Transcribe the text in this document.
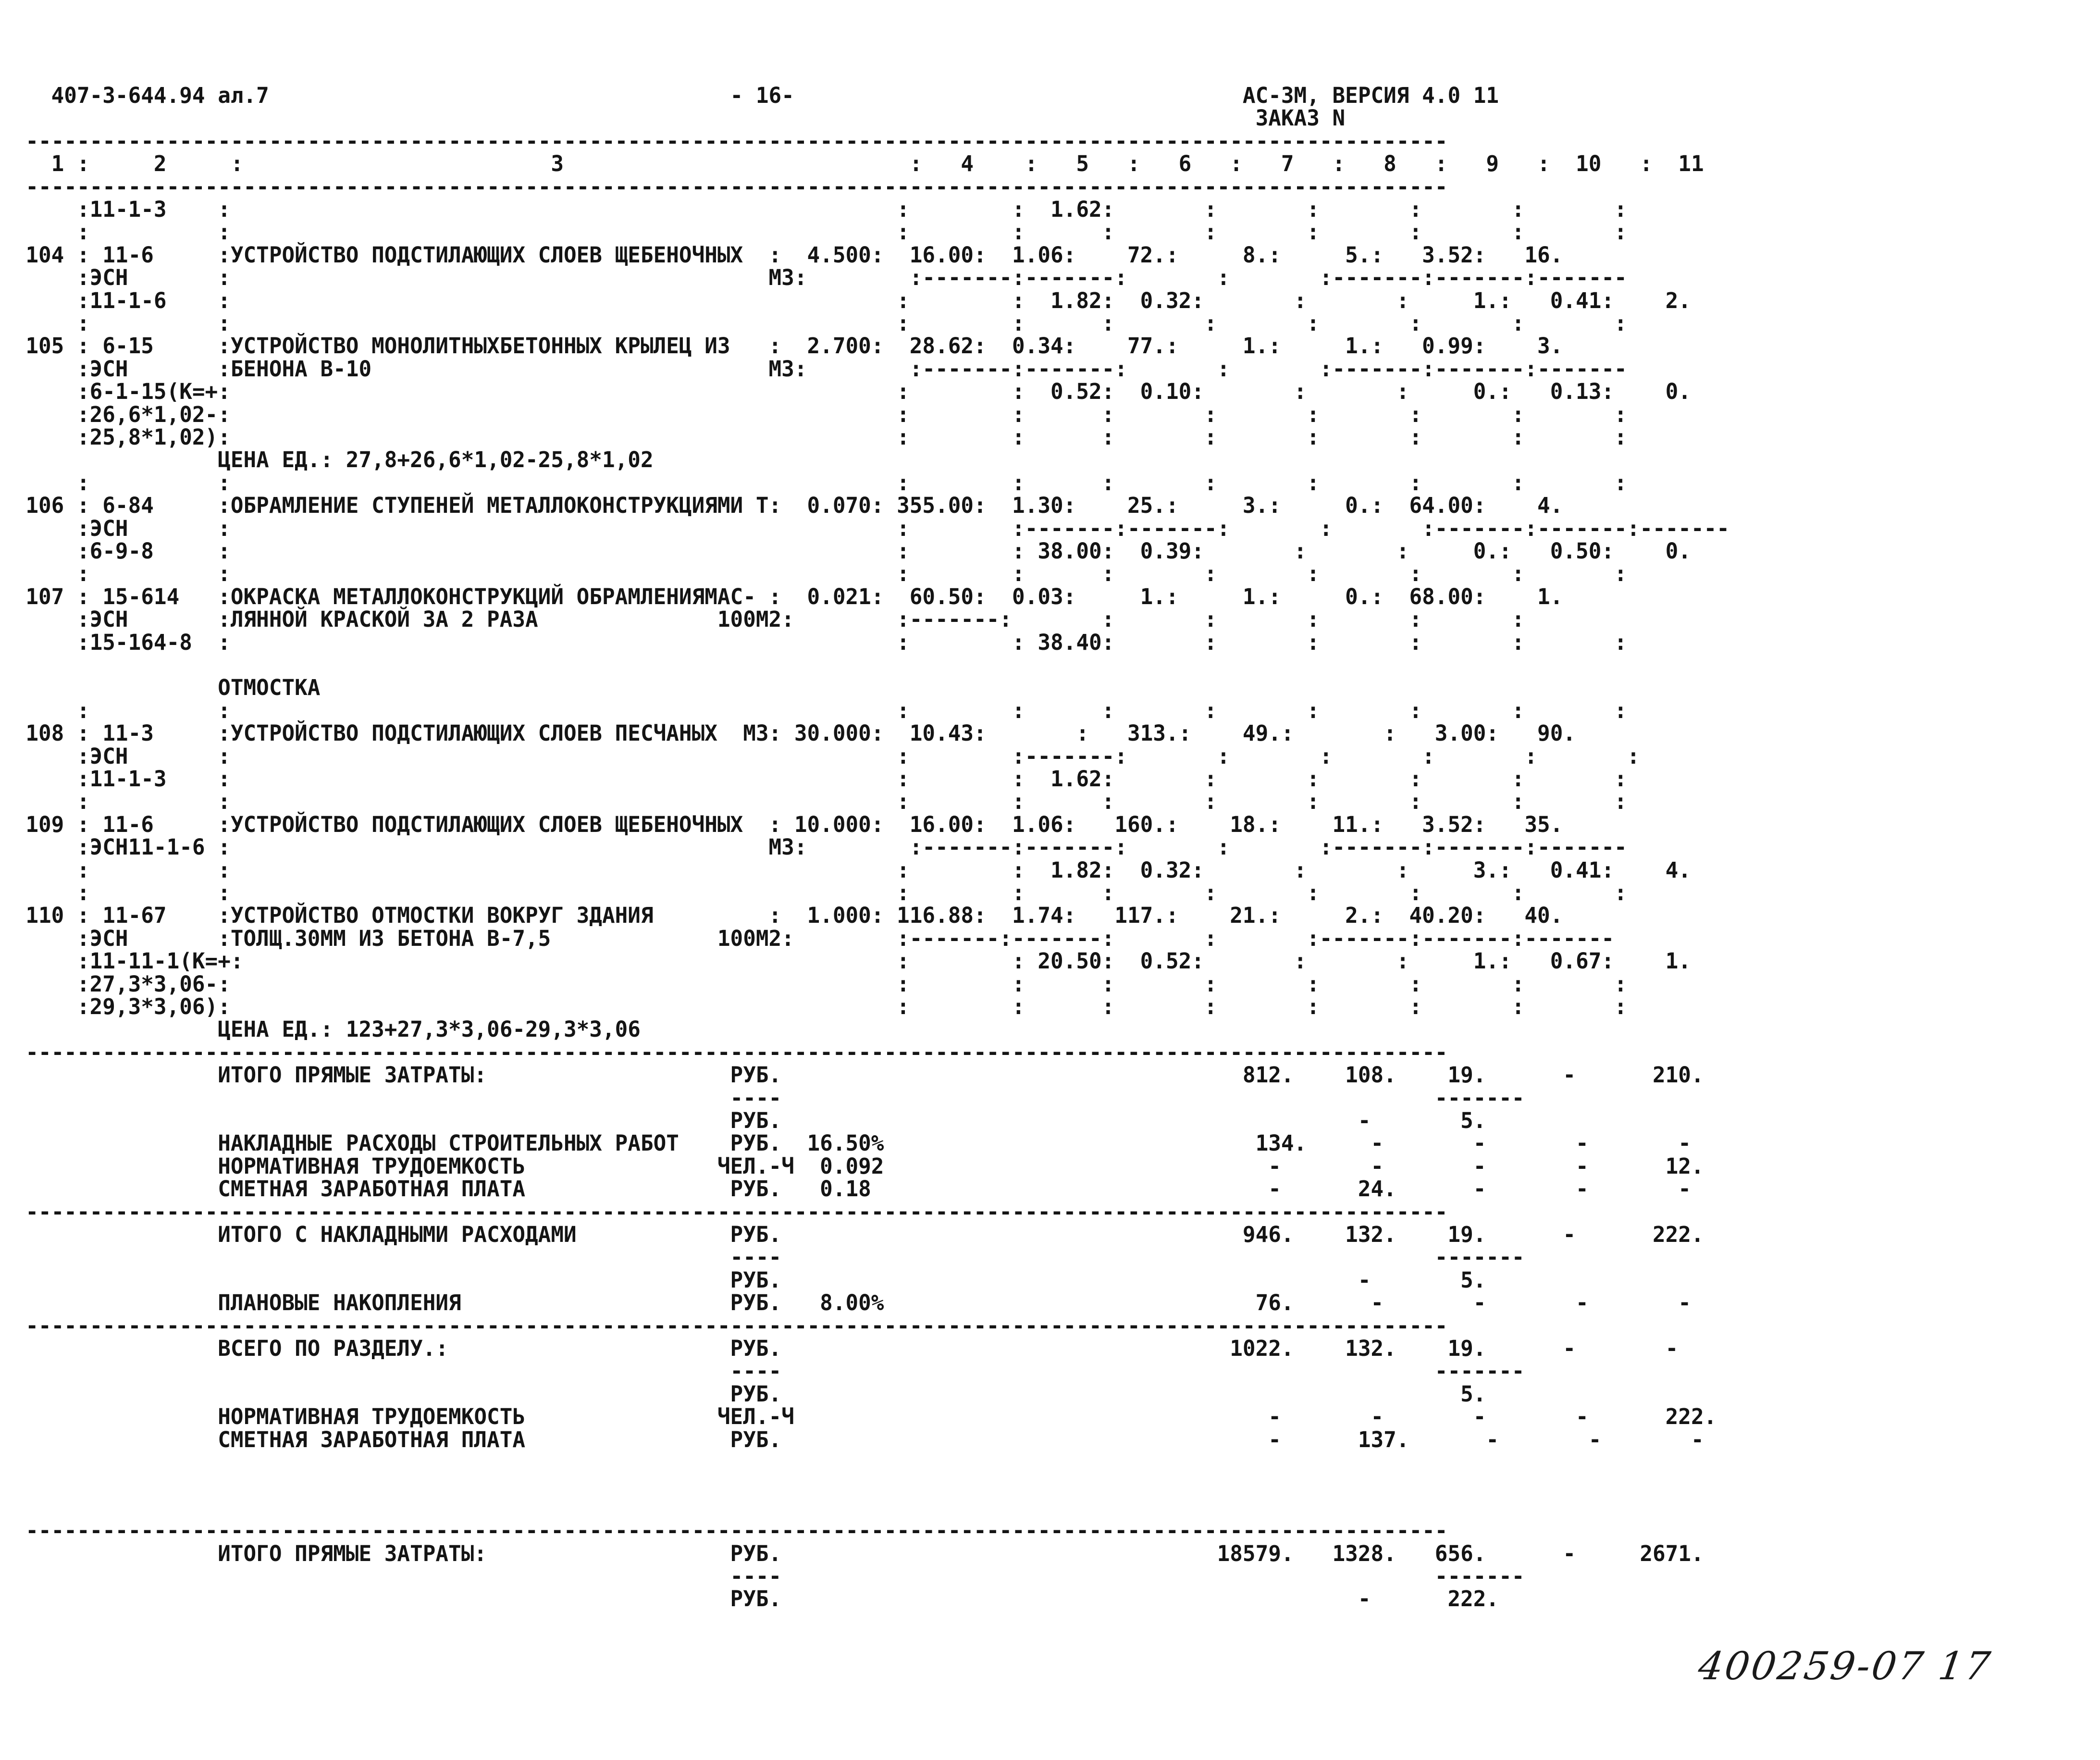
407-3-644.94 ал.7                                    - 16-                                   АС-3М, ВЕРСИЯ 4.0 11
ЗАКАЗ N
---------------------------------------------------------------------------------------------------------------
1 :     2     :                        3                           :   4    :   5   :   6   :   7   :   8   :   9   :  10   :  11
---------------------------------------------------------------------------------------------------------------
:11-1-3    :                                                    :        :  1.62:       :       :       :       :       :
:          :                                                    :        :      :       :       :       :       :       :
104 : 11-6     :УСТРОЙСТВО ПОДСТИЛАЮЩИХ СЛОЕВ ЩЕБЕНОЧНЫХ  :  4.500:  16.00:  1.06:    72.:     8.:     5.:   3.52:   16.
:ЭСН       :                                          М3:        :-------:-------:       :       :-------:-------:-------
:11-1-6    :                                                    :        :  1.82:  0.32:       :       :     1.:   0.41:    2.
:          :                                                    :        :      :       :       :       :       :       :
105 : 6-15     :УСТРОЙСТВО МОНОЛИТНЫХБЕТОННЫХ КРЫЛЕЦ ИЗ   :  2.700:  28.62:  0.34:    77.:     1.:     1.:   0.99:    3.
:ЭСН       :БЕНОНА В-10                               М3:        :-------:-------:       :       :-------:-------:-------
:6-1-15(К=+:                                                    :        :  0.52:  0.10:       :       :     0.:   0.13:    0.
:26,6*1,02-:                                                    :        :      :       :       :       :       :       :
:25,8*1,02):                                                    :        :      :       :       :       :       :       :
ЦЕНА ЕД.: 27,8+26,6*1,02-25,8*1,02
:          :                                                    :        :      :       :       :       :       :       :
106 : 6-84     :ОБРАМЛЕНИЕ СТУПЕНЕЙ МЕТАЛЛОКОНСТРУКЦИЯМИ Т:  0.070: 355.00:  1.30:    25.:     3.:     0.:  64.00:    4.
:ЭСН       :                                                    :        :-------:-------:       :       :-------:-------:-------
:6-9-8     :                                                    :        : 38.00:  0.39:       :       :     0.:   0.50:    0.
:          :                                                    :        :      :       :       :       :       :       :
107 : 15-614   :ОКРАСКА МЕТАЛЛОКОНСТРУКЦИЙ ОБРАМЛЕНИЯМАС- :  0.021:  60.50:  0.03:     1.:     1.:     0.:  68.00:    1.
:ЭСН       :ЛЯННОЙ КРАСКОЙ ЗА 2 РАЗА              100М2:        :-------:       :       :       :       :       :
:15-164-8  :                                                    :        : 38.40:       :       :       :       :       :
ОТМОСТКА
:          :                                                    :        :      :       :       :       :       :       :
108 : 11-3     :УСТРОЙСТВО ПОДСТИЛАЮЩИХ СЛОЕВ ПЕСЧАНЫХ  М3: 30.000:  10.43:       :   313.:    49.:       :   3.00:   90.
:ЭСН       :                                                    :        :-------:       :       :       :       :       :
:11-1-3    :                                                    :        :  1.62:       :       :       :       :       :
:          :                                                    :        :      :       :       :       :       :       :
109 : 11-6     :УСТРОЙСТВО ПОДСТИЛАЮЩИХ СЛОЕВ ЩЕБЕНОЧНЫХ  : 10.000:  16.00:  1.06:   160.:    18.:    11.:   3.52:   35.
:ЭСН11-1-6 :                                          М3:        :-------:-------:       :       :-------:-------:-------
:          :                                                    :        :  1.82:  0.32:       :       :     3.:   0.41:    4.
:          :                                                    :        :      :       :       :       :       :       :
110 : 11-67    :УСТРОЙСТВО ОТМОСТКИ ВОКРУГ ЗДАНИЯ         :  1.000: 116.88:  1.74:   117.:    21.:     2.:  40.20:   40.
:ЭСН       :ТОЛЩ.30ММ ИЗ БЕТОНА В-7,5             100М2:        :-------:-------:       :       :-------:-------:-------
:11-11-1(К=+:                                                   :        : 20.50:  0.52:       :       :     1.:   0.67:    1.
:27,3*3,06-:                                                    :        :      :       :       :       :       :       :
:29,3*3,06):                                                    :        :      :       :       :       :       :       :
ЦЕНА ЕД.: 123+27,3*3,06-29,3*3,06
---------------------------------------------------------------------------------------------------------------
ИТОГО ПРЯМЫЕ ЗАТРАТЫ:                   РУБ.                                    812.    108.    19.      -      210.
----                                                   -------
РУБ.                                             -       5.
НАКЛАДНЫЕ РАСХОДЫ СТРОИТЕЛЬНЫХ РАБОТ    РУБ.  16.50%                             134.     -       -       -       -
НОРМАТИВНАЯ ТРУДОЕМКОСТЬ               ЧЕЛ.-Ч  0.092                              -       -       -       -      12.
СМЕТНАЯ ЗАРАБОТНАЯ ПЛАТА                РУБ.   0.18                               -      24.      -       -       -
---------------------------------------------------------------------------------------------------------------
ИТОГО С НАКЛАДНЫМИ РАСХОДАМИ            РУБ.                                    946.    132.    19.      -      222.
----                                                   -------
РУБ.                                             -       5.
ПЛАНОВЫЕ НАКОПЛЕНИЯ                     РУБ.   8.00%                             76.      -       -       -       -
---------------------------------------------------------------------------------------------------------------
ВСЕГО ПО РАЗДЕЛУ.:                      РУБ.                                   1022.    132.    19.      -       -
----                                                   -------
РУБ.                                                     5.
НОРМАТИВНАЯ ТРУДОЕМКОСТЬ               ЧЕЛ.-Ч                                     -       -       -       -      222.
СМЕТНАЯ ЗАРАБОТНАЯ ПЛАТА                РУБ.                                      -      137.      -       -       -
---------------------------------------------------------------------------------------------------------------
ИТОГО ПРЯМЫЕ ЗАТРАТЫ:                   РУБ.                                  18579.   1328.   656.      -     2671.
----                                                   -------
РУБ.                                             -      222.
400259-07 17
